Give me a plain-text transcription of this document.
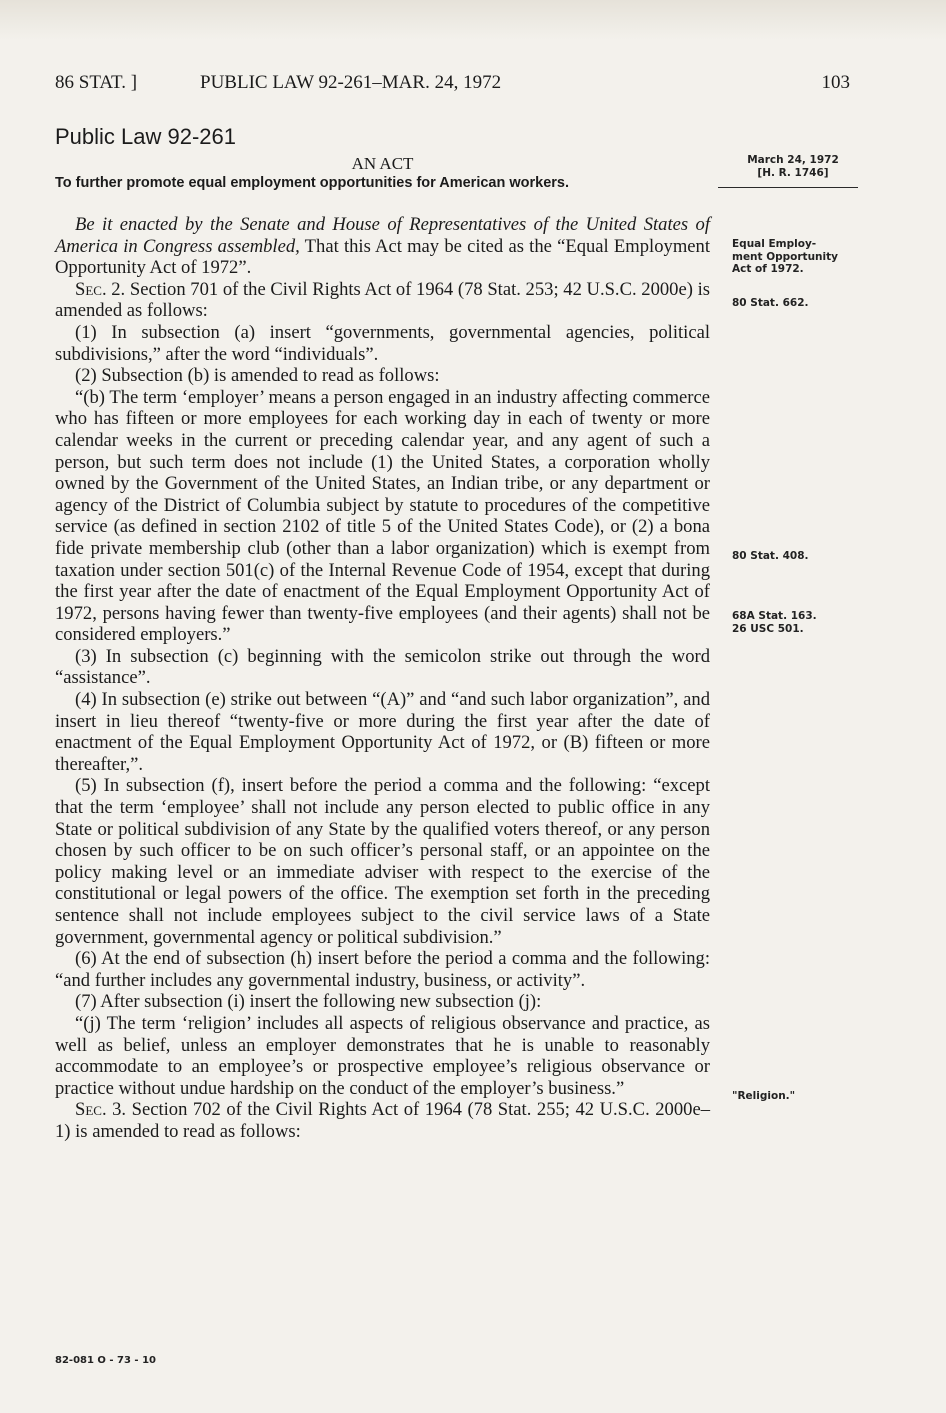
86 STAT. ]	PUBLIC LAW 92-261–MAR. 24, 1972	103
Public Law 92-261
AN ACT
To further promote equal employment opportunities for American workers.
March 24, 1972
[H. R. 1746]
Equal Employ-
ment Opportunity
Act of 1972.
80 Stat. 662.
80 Stat. 408.
68A Stat. 163.
26 USC 501.
"Religion."

Be it enacted by the Senate and House of Representatives of the United States of America in Congress assembled, That this Act may be cited as the “Equal Employment Opportunity Act of 1972”.

Sec. 2. Section 701 of the Civil Rights Act of 1964 (78 Stat. 253; 42 U.S.C. 2000e) is amended as follows:

(1) In subsection (a) insert “governments, governmental agencies, political subdivisions,” after the word “individuals”.

(2) Subsection (b) is amended to read as follows:

“(b) The term ‘employer’ means a person engaged in an industry affecting commerce who has fifteen or more employees for each working day in each of twenty or more calendar weeks in the current or preceding calendar year, and any agent of such a person, but such term does not include (1) the United States, a corporation wholly owned by the Government of the United States, an Indian tribe, or any department or agency of the District of Columbia subject by statute to procedures of the competitive service (as defined in section 2102 of title 5 of the United States Code), or (2) a bona fide private membership club (other than a labor organization) which is exempt from taxation under section 501(c) of the Internal Revenue Code of 1954, except that during the first year after the date of enactment of the Equal Employment Opportunity Act of 1972, persons having fewer than twenty-five employees (and their agents) shall not be considered employers.”

(3) In subsection (c) beginning with the semicolon strike out through the word “assistance”.

(4) In subsection (e) strike out between “(A)” and “and such labor organization”, and insert in lieu thereof “twenty-five or more during the first year after the date of enactment of the Equal Employment Opportunity Act of 1972, or (B) fifteen or more thereafter,”.

(5) In subsection (f), insert before the period a comma and the following: “except that the term ‘employee’ shall not include any person elected to public office in any State or political subdivision of any State by the qualified voters thereof, or any person chosen by such officer to be on such officer’s personal staff, or an appointee on the policy making level or an immediate adviser with respect to the exercise of the constitutional or legal powers of the office. The exemption set forth in the preceding sentence shall not include employees subject to the civil service laws of a State government, governmental agency or political subdivision.”

(6) At the end of subsection (h) insert before the period a comma and the following: “and further includes any governmental industry, business, or activity”.

(7) After subsection (i) insert the following new subsection (j):

“(j) The term ‘religion’ includes all aspects of religious observance and practice, as well as belief, unless an employer demonstrates that he is unable to reasonably accommodate to an employee’s or prospective employee’s religious observance or practice without undue hardship on the conduct of the employer’s business.”

Sec. 3. Section 702 of the Civil Rights Act of 1964 (78 Stat. 255; 42 U.S.C. 2000e–1) is amended to read as follows:

82-081 O - 73 - 10
